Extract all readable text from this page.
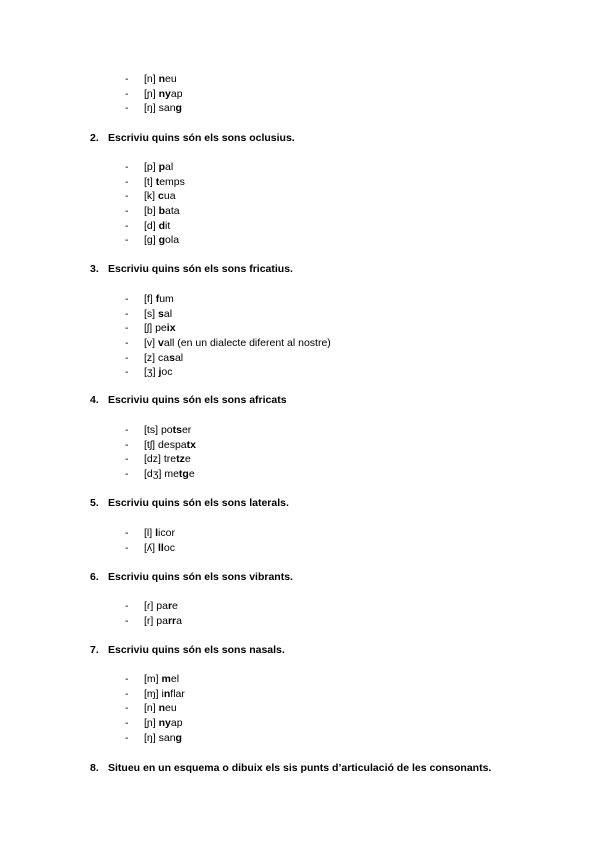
- [n] neu
- [ɲ] nyap
- [ŋ] sang
2. Escriviu quins són els sons oclusius.
- [p] pal
- [t] temps
- [k] cua
- [b] bata
- [d] dit
- [g] gola
3. Escriviu quins són els sons fricatius.
- [f] fum
- [s] sal
- [ʃ] peix
- [v] vall (en un dialecte diferent al nostre)
- [z] casal
- [ʒ] joc
4. Escriviu quins són els sons africats
- [ts] potser
- [tʃ] despatx
- [dz] tretze
- [dʒ] metge
5. Escriviu quins són els sons laterals.
- [l] licor
- [ʎ] lloc
6. Escriviu quins són els sons vibrants.
- [ɾ] pare
- [r] parra
7. Escriviu quins són els sons nasals.
- [m] mel
- [ɱ] inflar
- [n] neu
- [ɲ] nyap
- [ŋ] sang
8. Situeu en un esquema o dibuix els sis punts d’articulació de les consonants.
